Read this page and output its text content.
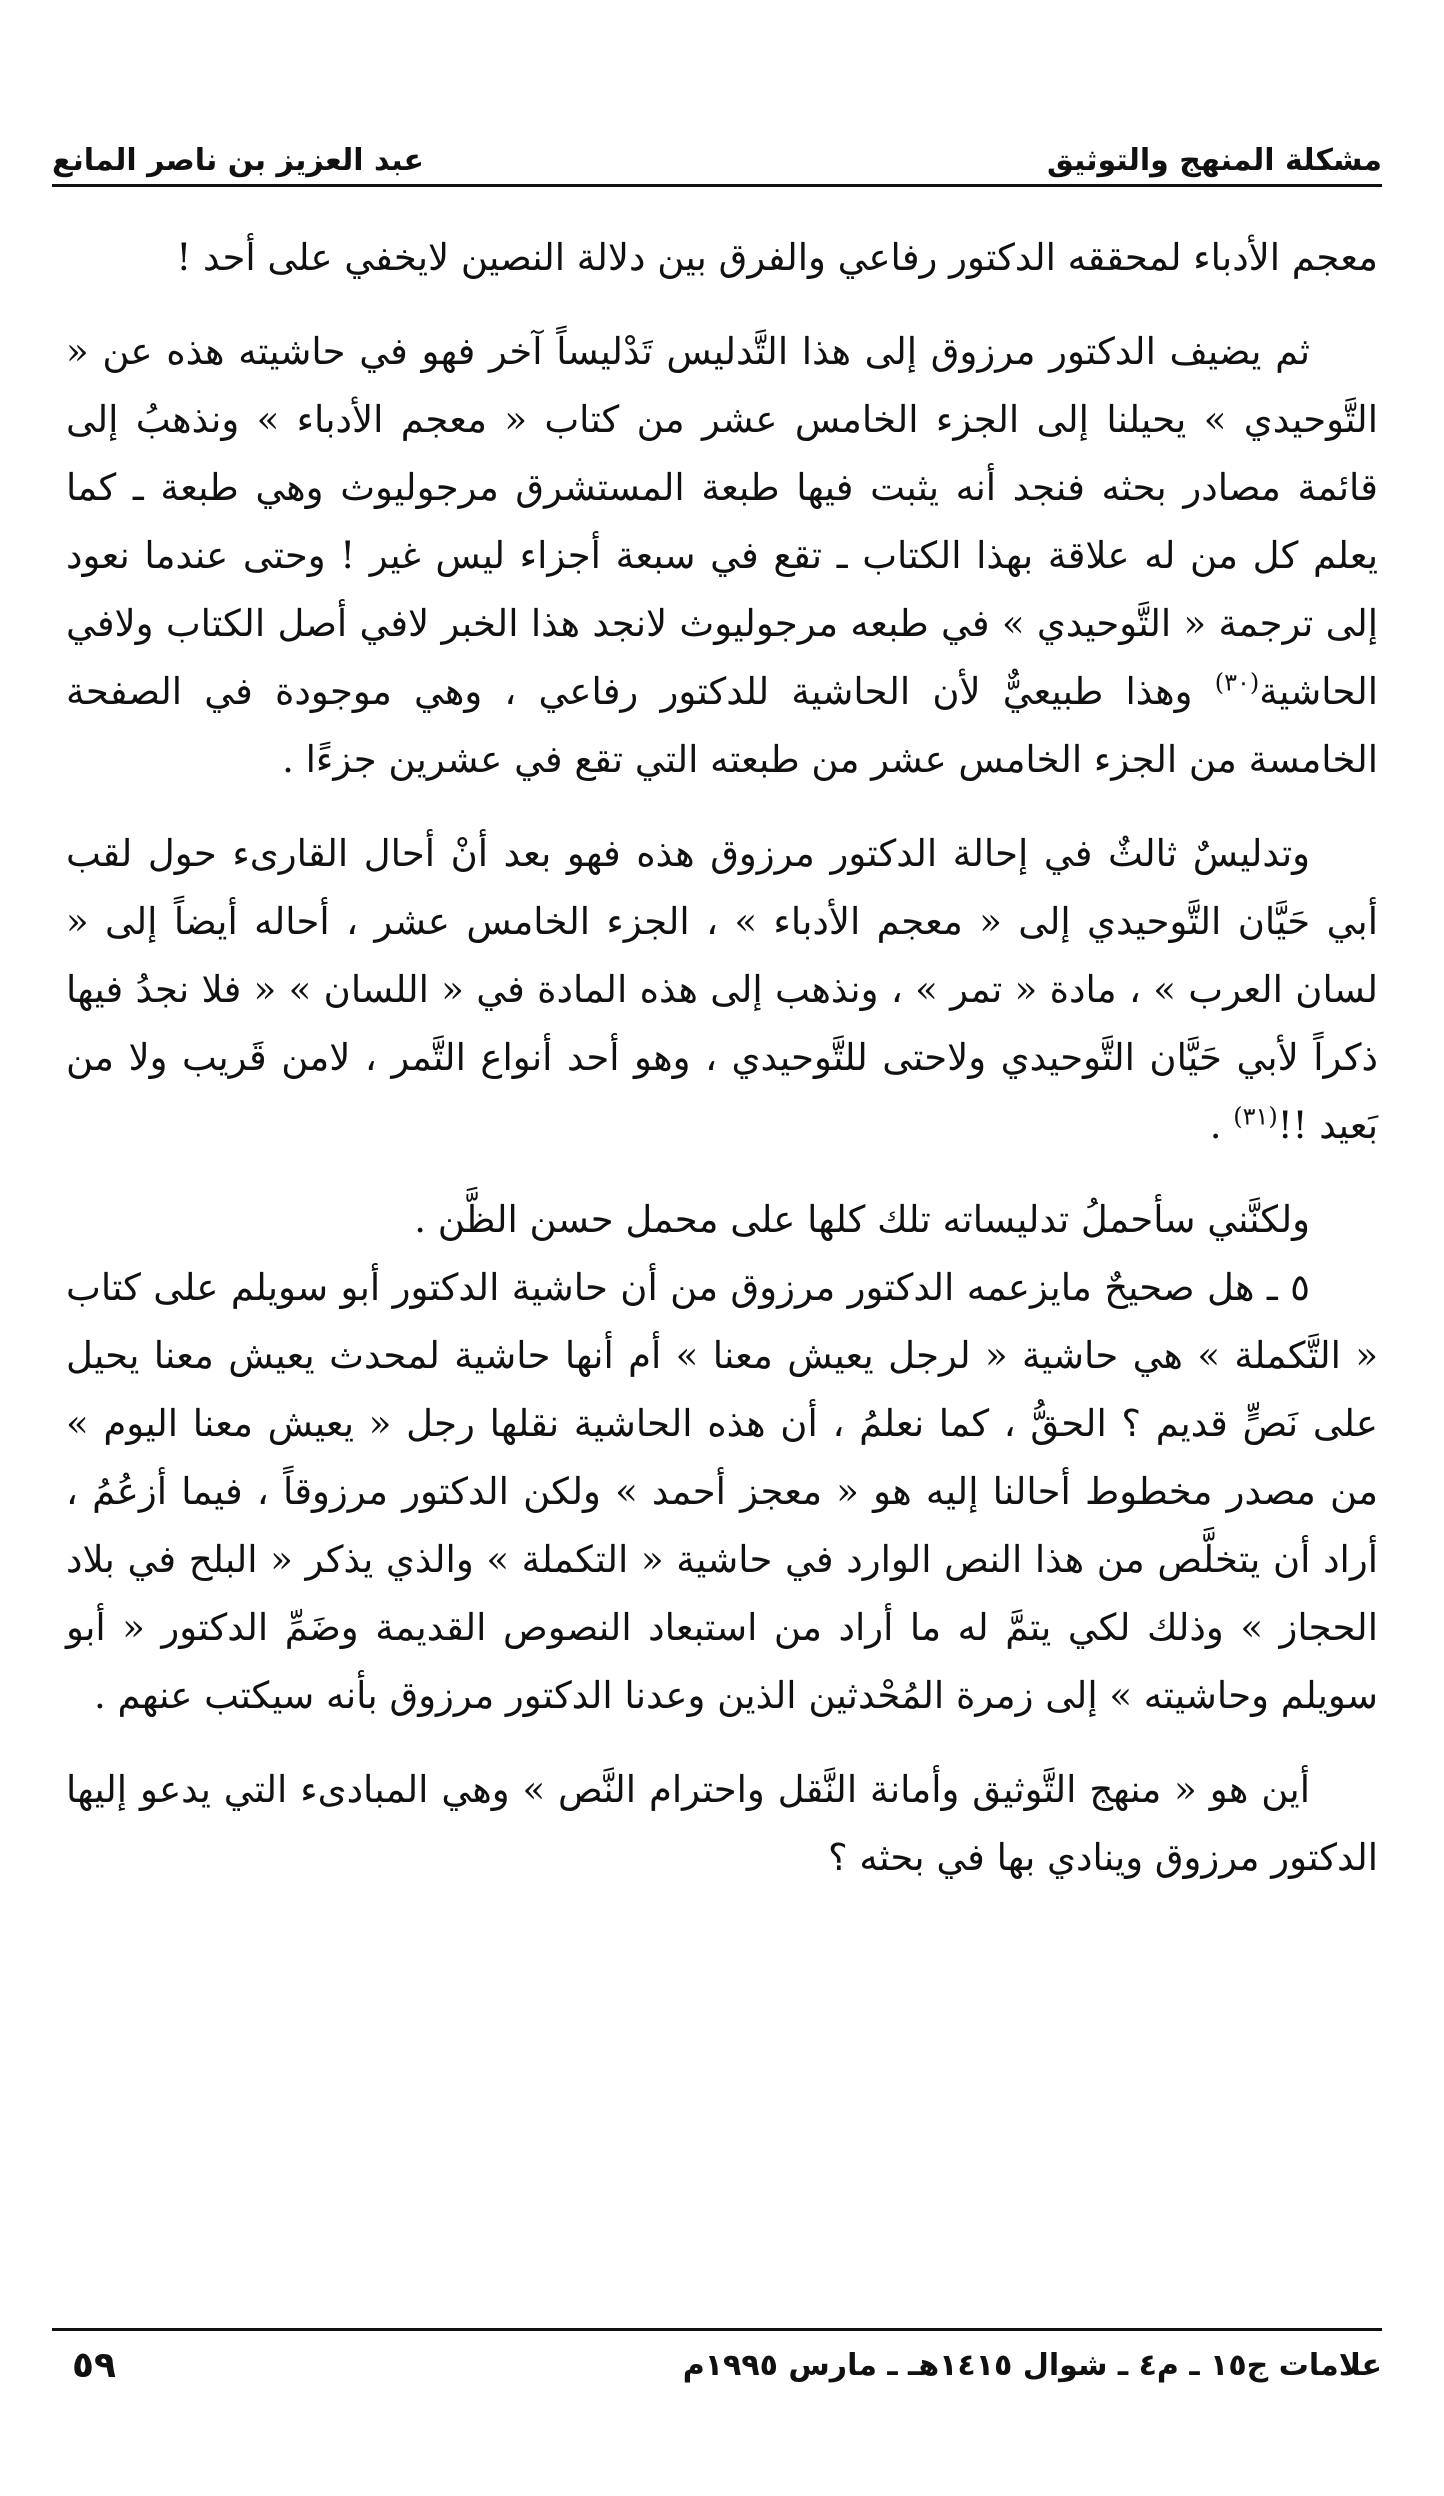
مشكلة المنهج والتوثيق
عبد العزيز بن ناصر المانع

معجم الأدباء لمحققه الدكتور رفاعي والفرق بين دلالة النصين لايخفي على أحد !

ثم يضيف الدكتور مرزوق إلى هذا التَّدليس تَدْليساً آخر فهو في حاشيته هذه عن « التَّوحيدي » يحيلنا إلى الجزء الخامس عشر من كتاب « معجم الأدباء » ونذهبُ إلى قائمة مصادر بحثه فنجد أنه يثبت فيها طبعة المستشرق مرجوليوث وهي طبعة ـ كما يعلم كل من له علاقة بهذا الكتاب ـ تقع في سبعة أجزاء ليس غير ! وحتى عندما نعود إلى ترجمة « التَّوحيدي » في طبعه مرجوليوث لانجد هذا الخبر لافي أصل الكتاب ولافي الحاشية$^{(٣٠)}$ وهذا طبيعيٌّ لأن الحاشية للدكتور رفاعي ، وهي موجودة في الصفحة الخامسة من الجزء الخامس عشر من طبعته التي تقع في عشرين جزءًا .

وتدليسٌ ثالثٌ في إحالة الدكتور مرزوق هذه فهو بعد أنْ أحال القارىء حول لقب أبي حَيَّان التَّوحيدي إلى « معجم الأدباء » ، الجزء الخامس عشر ، أحاله أيضاً إلى « لسان العرب » ، مادة « تمر » ، ونذهب إلى هذه المادة في « اللسان » « فلا نجدُ فيها ذكراً لأبي حَيَّان التَّوحيدي ولاحتى للتَّوحيدي ، وهو أحد أنواع التَّمر ، لامن قَريب ولا من بَعيد !!$^{(٣١)}$ .

ولكنَّني سأحملُ تدليساته تلك كلها على محمل حسن الظَّن .

٥ ـ هل صحيحٌ مايزعمه الدكتور مرزوق من أن حاشية الدكتور أبو سويلم على كتاب « التَّكملة » هي حاشية « لرجل يعيش معنا » أم أنها حاشية لمحدث يعيش معنا يحيل على نَصٍّ قديم ؟ الحقُّ ، كما نعلمُ ، أن هذه الحاشية نقلها رجل « يعيش معنا اليوم » من مصدر مخطوط أحالنا إليه هو « معجز أحمد » ولكن الدكتور مرزوقاً ، فيما أزعُمُ ، أراد أن يتخلَّص من هذا النص الوارد في حاشية « التكملة » والذي يذكر « البلح في بلاد الحجاز » وذلك لكي يتمَّ له ما أراد من استبعاد النصوص القديمة وضَمِّ الدكتور « أبو سويلم وحاشيته » إلى زمرة المُحْدثين الذين وعدنا الدكتور مرزوق بأنه سيكتب عنهم .

أين هو « منهج التَّوثيق وأمانة النَّقل واحترام النَّص » وهي المبادىء التي يدعو إليها الدكتور مرزوق وينادي بها في بحثه ؟

علامات ج١٥ ـ م٤ ـ شوال ١٤١٥هـ ـ مارس ١٩٩٥م
٥٩
